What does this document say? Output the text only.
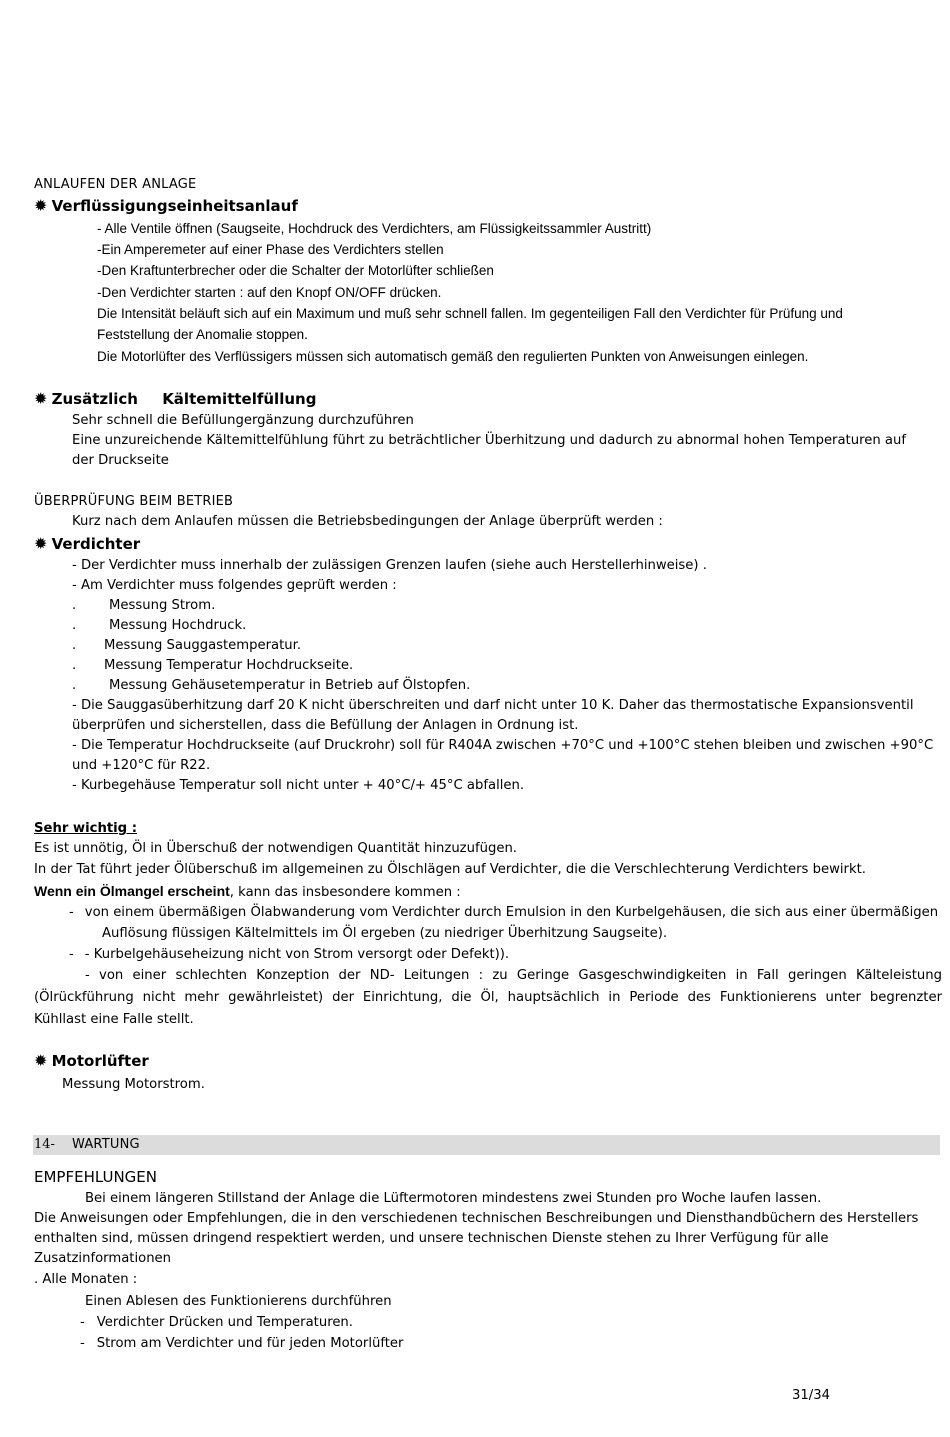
ANLAUFEN DER ANLAGE
✹ Verflüssigungseinheitsanlauf
- Alle Ventile öffnen (Saugseite, Hochdruck des Verdichters, am Flüssigkeitssammler Austritt)
-Ein Amperemeter auf einer Phase des Verdichters stellen
-Den Kraftunterbrecher oder die Schalter der Motorlüfter schließen
-Den Verdichter starten : auf den Knopf ON/OFF drücken.
Die Intensität beläuft sich auf ein Maximum und muß sehr schnell fallen. Im gegenteiligen Fall den Verdichter für Prüfung und
Feststellung der Anomalie stoppen.
Die Motorlüfter des Verflüssigers müssen sich automatisch gemäß den regulierten Punkten von Anweisungen einlegen.
✹ Zusätzlich Kältemittelfüllung
Sehr schnell die Befüllungergänzung durchzuführen
Eine unzureichende Kältemittelfühlung führt zu beträchtlicher Überhitzung und dadurch zu abnormal hohen Temperaturen auf
der Druckseite
ÜBERPRÜFUNG BEIM BETRIEB
Kurz nach dem Anlaufen müssen die Betriebsbedingungen der Anlage überprüft werden :
✹ Verdichter
- Der Verdichter muss innerhalb der zulässigen Grenzen laufen (siehe auch Herstellerhinweise) .
- Am Verdichter muss folgendes geprüft werden :
. Messung Strom.
. Messung Hochdruck.
. Messung Sauggastemperatur.
. Messung Temperatur Hochdruckseite.
. Messung Gehäusetemperatur in Betrieb auf Ölstopfen.
- Die Sauggasüberhitzung darf 20 K nicht überschreiten und darf nicht unter 10 K. Daher das thermostatische Expansionsventil
überprüfen und sicherstellen, dass die Befüllung der Anlagen in Ordnung ist.
- Die Temperatur Hochdruckseite (auf Druckrohr) soll für R404A zwischen +70°C und +100°C stehen bleiben und zwischen +90°C
und +120°C für R22.
- Kurbegehäuse Temperatur soll nicht unter + 40°C/+ 45°C abfallen.
Sehr wichtig :
Es ist unnötig, Öl in Überschuß der notwendigen Quantität hinzuzufügen.
In der Tat führt jeder Ölüberschuß im allgemeinen zu Ölschlägen auf Verdichter, die die Verschlechterung Verdichters bewirkt.
Wenn ein Ölmangel erscheint, kann das insbesondere kommen :
- von einem übermäßigen Ölabwanderung vom Verdichter durch Emulsion in den Kurbelgehäusen, die sich aus einer übermäßigen
Auflösung flüssigen Kältelmittels im Öl ergeben (zu niedriger Überhitzung Saugseite).
- - Kurbelgehäuseheizung nicht von Strom versorgt oder Defekt)).
- von einer schlechten Konzeption der ND- Leitungen : zu Geringe Gasgeschwindigkeiten in Fall geringen Kälteleistung
(Ölrückführung nicht mehr gewährleistet) der Einrichtung, die Öl, hauptsächlich in Periode des Funktionierens unter begrenzter
Kühllast eine Falle stellt.
✹ Motorlüfter
Messung Motorstrom.
14- WARTUNG
EMPFEHLUNGEN
Bei einem längeren Stillstand der Anlage die Lüftermotoren mindestens zwei Stunden pro Woche laufen lassen.
Die Anweisungen oder Empfehlungen, die in den verschiedenen technischen Beschreibungen und Diensthandbüchern des Herstellers
enthalten sind, müssen dringend respektiert werden, und unsere technischen Dienste stehen zu Ihrer Verfügung für alle
Zusatzinformationen
. Alle Monaten :
Einen Ablesen des Funktionierens durchführen
- Verdichter Drücken und Temperaturen.
- Strom am Verdichter und für jeden Motorlüfter
31/34
